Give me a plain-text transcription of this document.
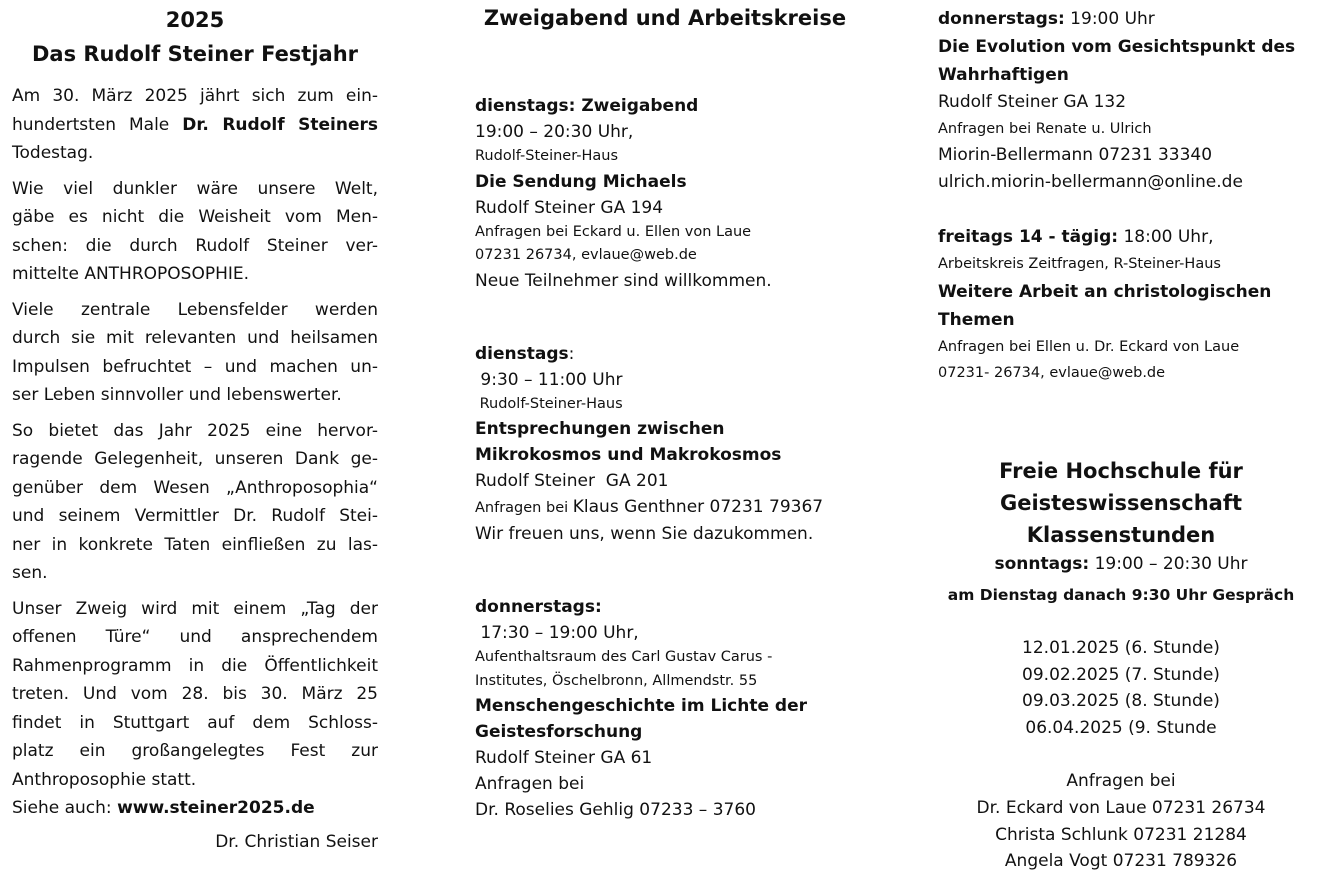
2025
Das Rudolf Steiner Festjahr
Am 30. März 2025 jährt sich zum ein-
hundertsten Male Dr. Rudolf Steiners
Todestag.
Wie viel dunkler wäre unsere Welt,
gäbe es nicht die Weisheit vom Men-
schen: die durch Rudolf Steiner ver-
mittelte ANTHROPOSOPHIE.
Viele zentrale Lebensfelder werden
durch sie mit relevanten und heilsamen
Impulsen befruchtet – und machen un-
ser Leben sinnvoller und lebenswerter.
So bietet das Jahr 2025 eine hervor-
ragende Gelegenheit, unseren Dank ge-
genüber dem Wesen „Anthroposophia“
und seinem Vermittler Dr. Rudolf Stei-
ner in konkrete Taten einfließen zu las-
sen.
Unser Zweig wird mit einem „Tag der
offenen Türe“ und ansprechendem
Rahmenprogramm in die Öffentlichkeit
treten. Und vom 28. bis 30. März 25
findet in Stuttgart auf dem Schloss-
platz ein großangelegtes Fest zur
Anthroposophie statt.
Siehe auch: www.steiner2025.de
Dr. Christian Seiser
Zweigabend und Arbeitskreise
dienstags: Zweigabend
19:00 – 20:30 Uhr,
Rudolf-Steiner-Haus
Die Sendung Michaels
Rudolf Steiner GA 194
Anfragen bei Eckard u. Ellen von Laue
07231 26734, evlaue@web.de
Neue Teilnehmer sind willkommen.
dienstags:
9:30 – 11:00 Uhr
Rudolf-Steiner-Haus
Entsprechungen zwischen
Mikrokosmos und Makrokosmos
Rudolf Steiner  GA 201
Anfragen bei Klaus Genthner 07231 79367
Wir freuen uns, wenn Sie dazukommen.
donnerstags:
17:30 – 19:00 Uhr,
Aufenthaltsraum des Carl Gustav Carus -
Institutes, Öschelbronn, Allmendstr. 55
Menschengeschichte im Lichte der
Geistesforschung
Rudolf Steiner GA 61
Anfragen bei
Dr. Roselies Gehlig 07233 – 3760
donnerstags: 19:00 Uhr
Die Evolution vom Gesichtspunkt des
Wahrhaftigen
Rudolf Steiner GA 132
Anfragen bei Renate u. Ulrich
Miorin-Bellermann 07231 33340
ulrich.miorin-bellermann@online.de
freitags 14 - tägig: 18:00 Uhr,
Arbeitskreis Zeitfragen, R-Steiner-Haus
Weitere Arbeit an christologischen
Themen
Anfragen bei Ellen u. Dr. Eckard von Laue
07231- 26734, evlaue@web.de
Freie Hochschule für
Geisteswissenschaft
Klassenstunden
sonntags: 19:00 – 20:30 Uhr
am Dienstag danach 9:30 Uhr Gespräch
12.01.2025 (6. Stunde)
09.02.2025 (7. Stunde)
09.03.2025 (8. Stunde)
06.04.2025 (9. Stunde
Anfragen bei
Dr. Eckard von Laue 07231 26734
Christa Schlunk 07231 21284
Angela Vogt 07231 789326
